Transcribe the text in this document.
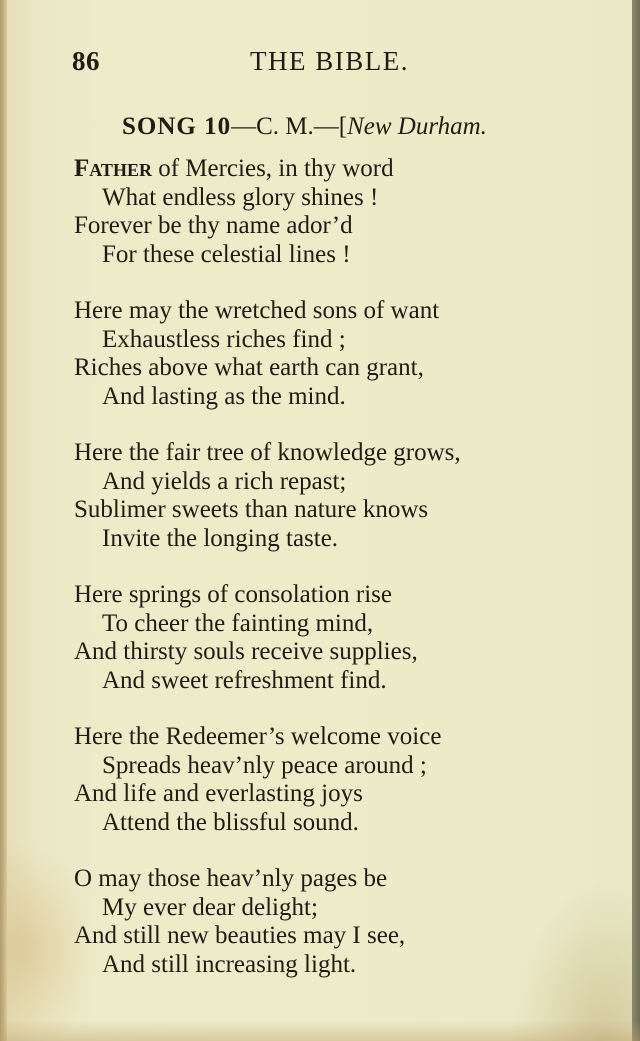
86	THE BIBLE.
SONG 10—C. M.—[New Durham.
Father of Mercies, in thy word
What endless glory shines !
Forever be thy name ador’d
For these celestial lines !
Here may the wretched sons of want
Exhaustless riches find ;
Riches above what earth can grant,
And lasting as the mind.
Here the fair tree of knowledge grows,
And yields a rich repast;
Sublimer sweets than nature knows
Invite the longing taste.
Here springs of consolation rise
To cheer the fainting mind,
And thirsty souls receive supplies,
And sweet refreshment find.
Here the Redeemer’s welcome voice
Spreads heav’nly peace around ;
And life and everlasting joys
Attend the blissful sound.
O may those heav’nly pages be
My ever dear delight;
And still new beauties may I see,
And still increasing light.
